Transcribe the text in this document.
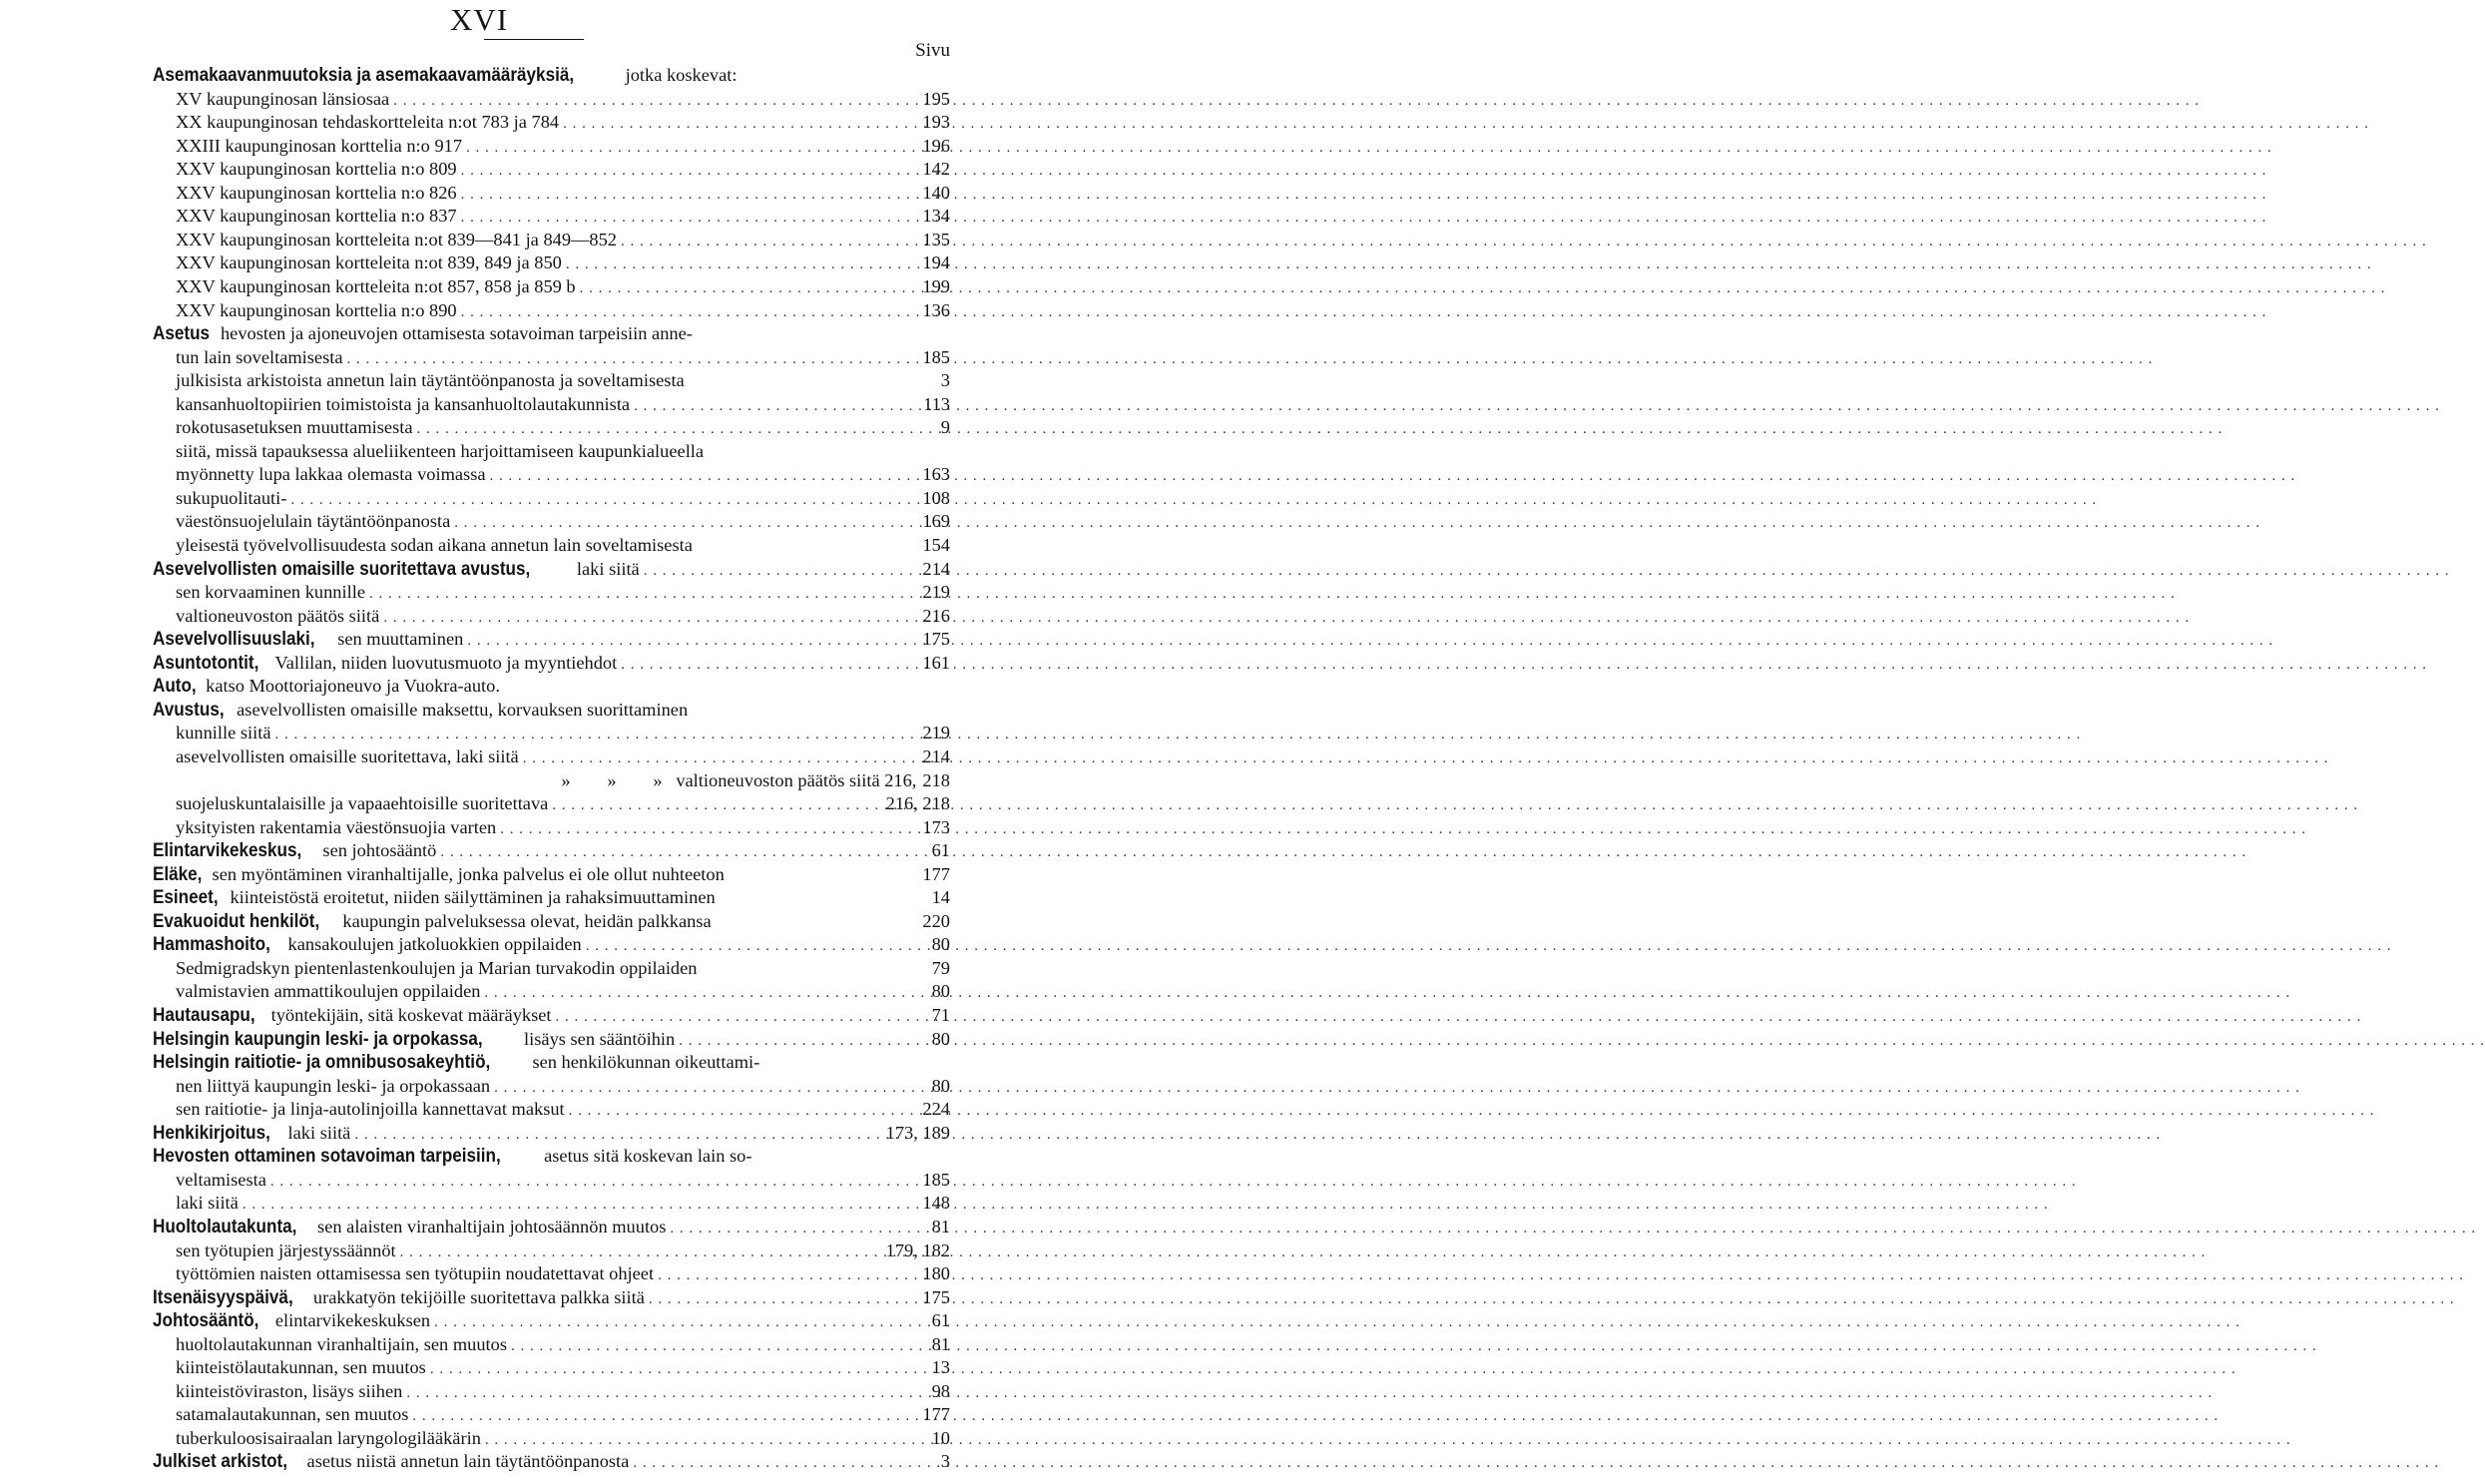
XVI
Sivu
Asemakaavanmuutoksia ja asemakaavamääräyksiä,	jotka koskevat:
XV kaupunginosan länsiosaa . . .	195
XX kaupunginosan tehdaskortteleita n:ot 783 ja 784 . . .	193
XXIII kaupunginosan korttelia n:o 917 . . .	196
XXV kaupunginosan korttelia n:o 809 . . .	142
XXV kaupunginosan korttelia n:o 826 . . .	140
XXV kaupunginosan korttelia n:o 837 . . .	134
XXV kaupunginosan kortteleita n:ot 839—841 ja 849—852 . . .	135
XXV kaupunginosan kortteleita n:ot 839, 849 ja 850 . . .	194
XXV kaupunginosan kortteleita n:ot 857, 858 ja 859 b . . .	199
XXV kaupunginosan korttelia n:o 890 . . .	136
Asetus hevosten ja ajoneuvojen ottamisesta sotavoiman tarpeisiin anne-
tun lain soveltamisesta . . .	185
julkisista arkistoista annetun lain täytäntöönpanosta ja soveltamisesta	3
kansanhuoltopiirien toimistoista ja kansanhuoltolautakunnista . . .	113
rokotusasetuksen muuttamisesta . . .	9
siitä, missä tapauksessa alueliikenteen harjoittamiseen kaupunkialueella
myönnetty lupa lakkaa olemasta voimassa . . .	163
sukupuolitauti- . . .	108
väestönsuojelulain täytäntöönpanosta . . .	169
yleisestä työvelvollisuudesta sodan aikana annetun lain soveltamisesta	154
Asevelvollisten omaisille suoritettava avustus, laki siitä . . .	214
sen korvaaminen kunnille . . .	219
valtioneuvoston päätös siitä . . .	216
Asevelvollisuuslaki, sen muuttaminen . . .	175
Asuntotontit, Vallilan, niiden luovutusmuoto ja myyntiehdot . . .	161
Auto, katso Moottoriajoneuvo ja Vuokra-auto.
Avustus, asevelvollisten omaisille maksettu, korvauksen suorittaminen
kunnille siitä . . .	219
asevelvollisten omaisille suoritettava, laki siitä . . .	214
»        »        »   valtioneuvoston päätös siitä 216, 218
suojeluskuntalaisille ja vapaaehtoisille suoritettava . . .	216, 218
yksityisten rakentamia väestönsuojia varten . . .	173
Elintarvikekeskus, sen johtosääntö . . .	61
Eläke, sen myöntäminen viranhaltijalle, jonka palvelus ei ole ollut nuhteeton	177
Esineet, kiinteistöstä eroitetut, niiden säilyttäminen ja rahaksimuuttaminen	14
Evakuoidut henkilöt, kaupungin palveluksessa olevat, heidän palkkansa	220
Hammashoito, kansakoulujen jatkoluokkien oppilaiden . . .	80
Sedmigradskyn pientenlastenkoulujen ja Marian turvakodin oppilaiden	79
valmistavien ammattikoulujen oppilaiden . . .	80
Hautausapu, työntekijäin, sitä koskevat määräykset . . .	71
Helsingin kaupungin leski- ja orpokassa, lisäys sen sääntöihin . . .	80
Helsingin raitiotie- ja omnibusosakeyhtiö, sen henkilökunnan oikeuttami-
nen liittyä kaupungin leski- ja orpokassaan . . .	80
sen raitiotie- ja linja-autolinjoilla kannettavat maksut . . .	224
Henkikirjoitus, laki siitä . . .	173, 189
Hevosten ottaminen sotavoiman tarpeisiin, asetus sitä koskevan lain so-
veltamisesta . . .	185
laki siitä . . .	148
Huoltolautakunta, sen alaisten viranhaltijain johtosäännön muutos . . .	81
sen työtupien järjestyssäännöt . . .	179, 182
työttömien naisten ottamisessa sen työtupiin noudatettavat ohjeet . . .	180
Itsenäisyyspäivä, urakkatyön tekijöille suoritettava palkka siitä . . .	175
Johtosääntö, elintarvikekeskuksen . . .	61
huoltolautakunnan viranhaltijain, sen muutos . . .	81
kiinteistölautakunnan, sen muutos . . .	13
kiinteistöviraston, lisäys siihen . . .	98
satamalautakunnan, sen muutos . . .	177
tuberkuloosisairaalan laryngologilääkärin . . .	10
Julkiset arkistot, asetus niistä annetun lain täytäntöönpanosta . . .	3
